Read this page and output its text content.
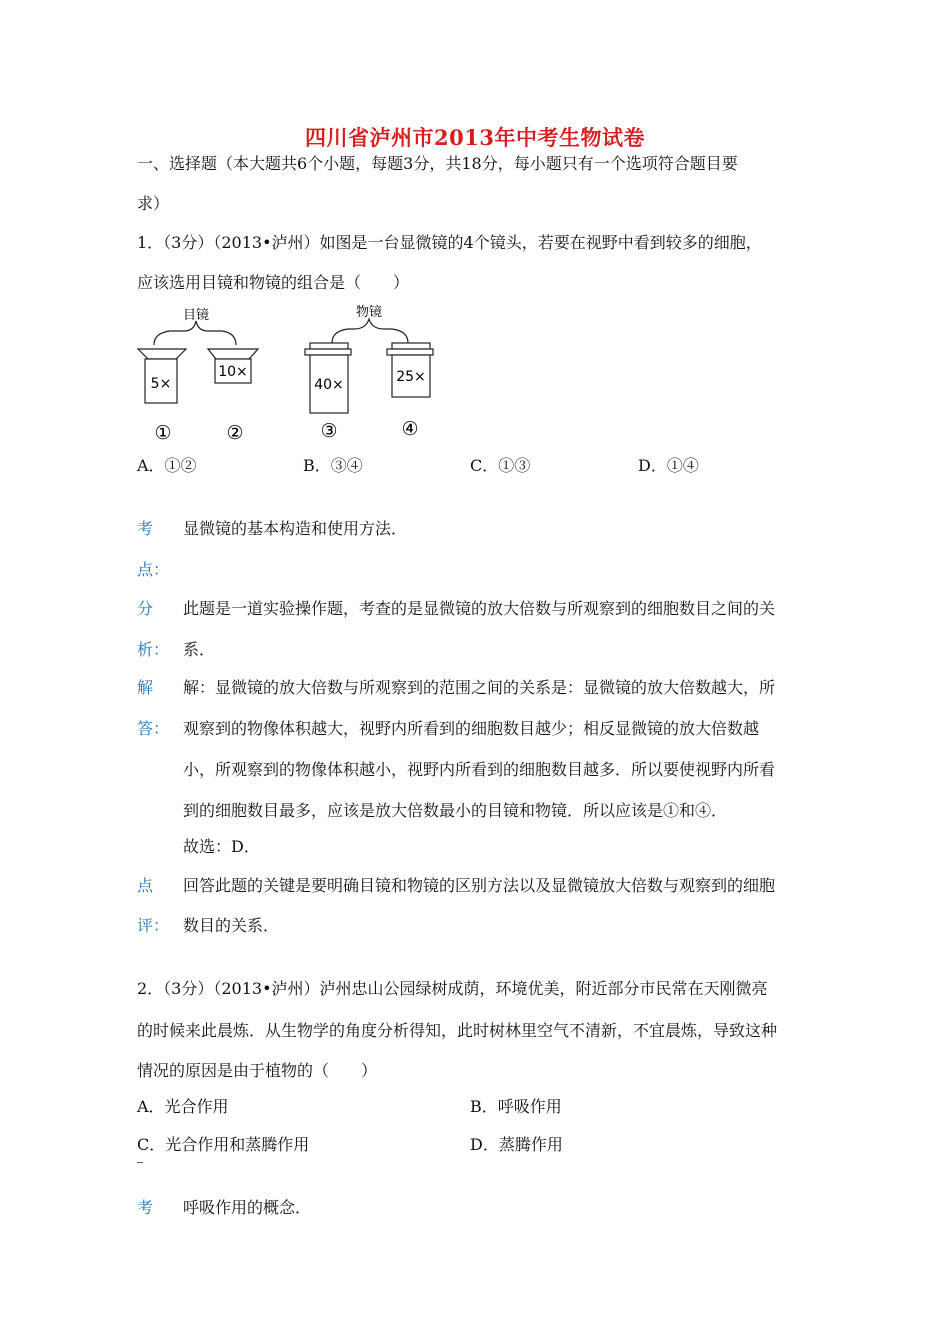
四川省泸州市2013年中考生物试卷
一、选择题（本大题共6个小题，每题3分，共18分，每小题只有一个选项符合题目要
求）
1．（3分）（2013•泸州）如图是一台显微镜的4个镜头，若要在视野中看到较多的细胞，
应该选用目镜和物镜的组合是（　　）
目镜
5×
10×
物镜
40×	25×
①	②	③	④
A．①②	B．③④	C．①③	D．①④
考
点：
显微镜的基本构造和使用方法．
分
析：
此题是一道实验操作题，考查的是显微镜的放大倍数与所观察到的细胞数目之间的关
系．
解
答：
解：显微镜的放大倍数与所观察到的范围之间的关系是：显微镜的放大倍数越大，所
观察到的物像体积越大，视野内所看到的细胞数目越少；相反显微镜的放大倍数越
小，所观察到的物像体积越小，视野内所看到的细胞数目越多．所以要使视野内所看
到的细胞数目最多，应该是放大倍数最小的目镜和物镜．所以应该是①和④．
故选：D．
点
评：
回答此题的关键是要明确目镜和物镜的区别方法以及显微镜放大倍数与观察到的细胞
数目的关系．
2．（3分）（2013•泸州）泸州忠山公园绿树成荫，环境优美，附近部分市民常在天刚微亮
的时候来此晨炼．从生物学的角度分析得知，此时树林里空气不清新，不宜晨炼，导致这种
情况的原因是由于植物的（　　）
A．光合作用	B．呼吸作用
C．光合作用和蒸腾作用	D．蒸腾作用
考 呼吸作用的概念．
